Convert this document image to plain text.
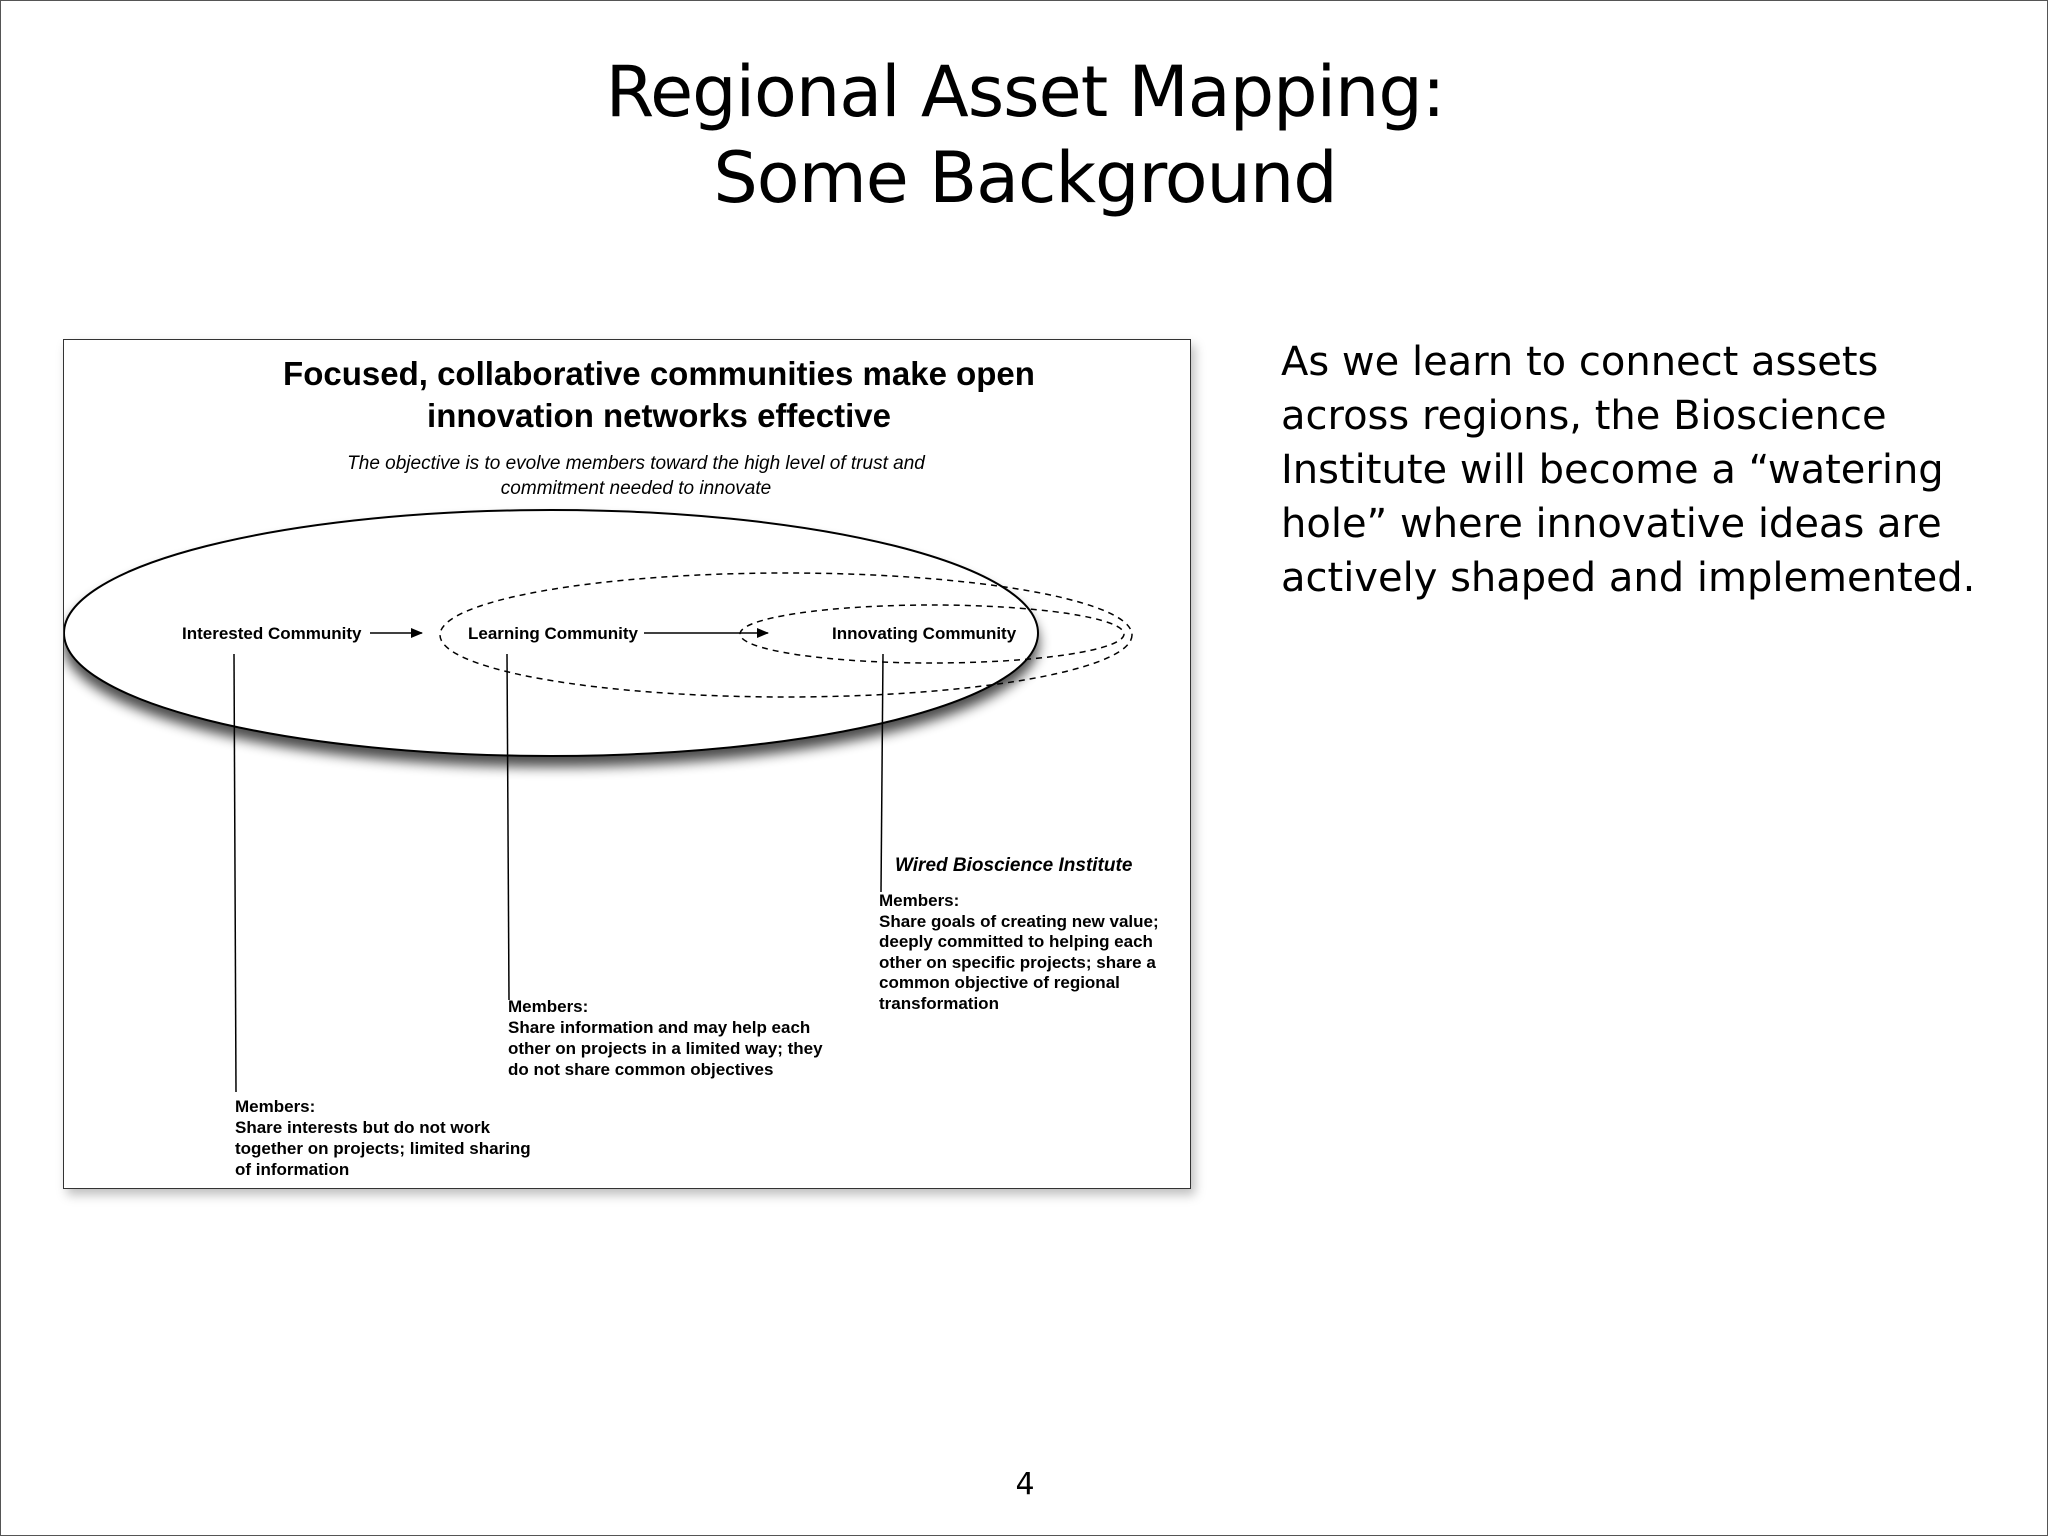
Regional Asset Mapping:
Some Background
Focused, collaborative communities make open
innovation networks effective
The objective is to evolve members toward the high level of trust and
commitment needed to innovate
Interested Community	Learning Community	Innovating Community
Wired Bioscience Institute
Members:
Share goals of creating new value;
deeply committed to helping each
other on specific projects; share a
common objective of regional
transformation
Members:
Share information and may help each
other on projects in a limited way; they
do not share common objectives
Members:
Share interests but do not work
together on projects; limited sharing
of information
As we learn to connect assets
across regions, the Bioscience
Institute will become a “watering
hole” where innovative ideas are
actively shaped and implemented.
4
